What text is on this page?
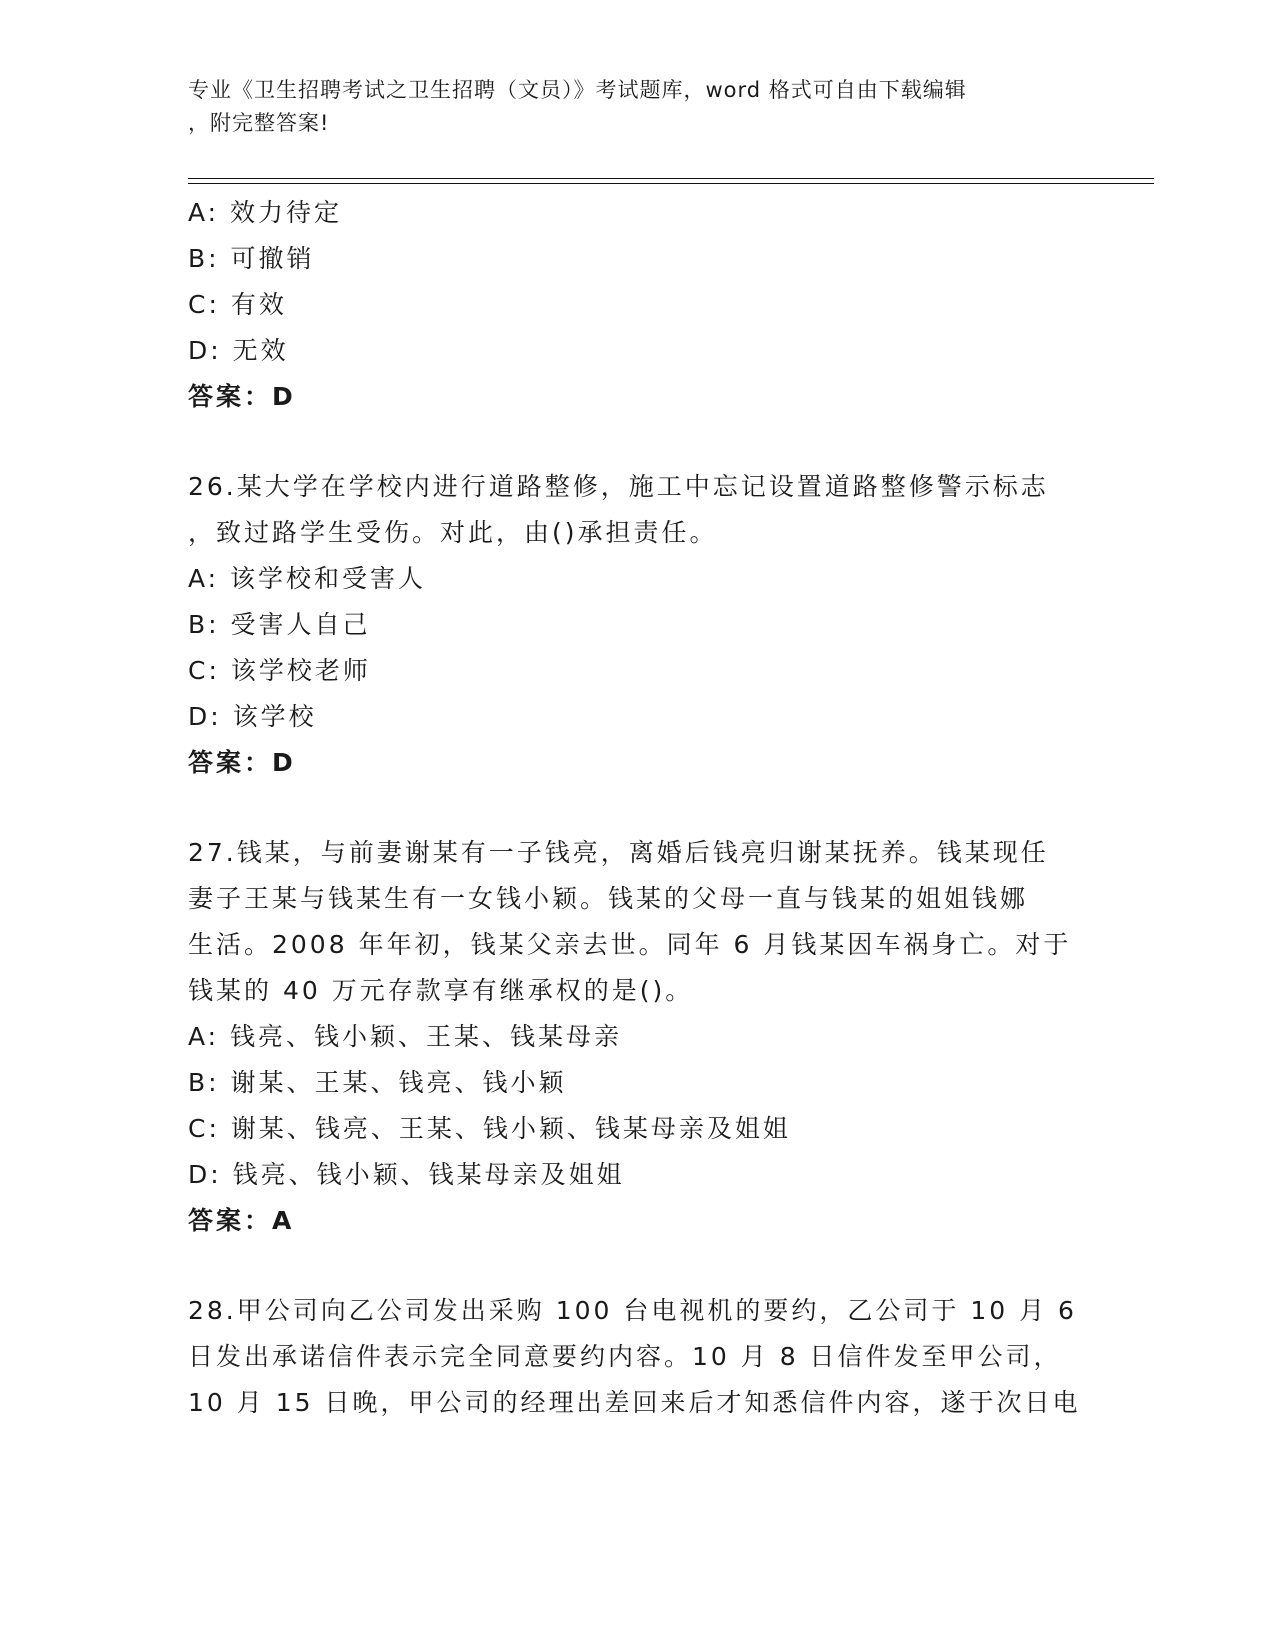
专业《卫生招聘考试之卫生招聘（文员）》考试题库，word 格式可自由下载编辑
，附完整答案!
A: 效力待定
B: 可撤销
C: 有效
D: 无效
答案：D
26.某大学在学校内进行道路整修，施工中忘记设置道路整修警示标志
，致过路学生受伤。对此，由()承担责任。
A: 该学校和受害人
B: 受害人自己
C: 该学校老师
D: 该学校
答案：D
27.钱某，与前妻谢某有一子钱亮，离婚后钱亮归谢某抚养。钱某现任
妻子王某与钱某生有一女钱小颖。钱某的父母一直与钱某的姐姐钱娜
生活。2008 年年初，钱某父亲去世。同年 6 月钱某因车祸身亡。对于
钱某的 40 万元存款享有继承权的是()。
A: 钱亮、钱小颖、王某、钱某母亲
B: 谢某、王某、钱亮、钱小颖
C: 谢某、钱亮、王某、钱小颖、钱某母亲及姐姐
D: 钱亮、钱小颖、钱某母亲及姐姐
答案：A
28.甲公司向乙公司发出采购 100 台电视机的要约，乙公司于 10 月 6
日发出承诺信件表示完全同意要约内容。10 月 8 日信件发至甲公司，
10 月 15 日晚，甲公司的经理出差回来后才知悉信件内容，遂于次日电
